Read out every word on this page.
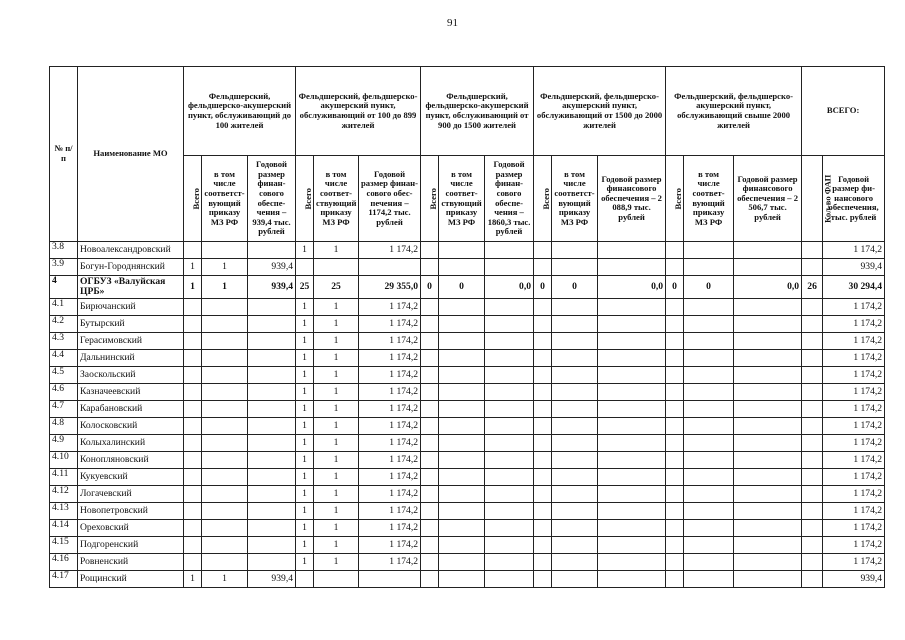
91
№ п/п	Наименование МО	Фельдшерский, фельдшерско-акушерский пункт, обслуживающий до 100 жителей			Фельдшерский, фельдшерско-акушерский пункт, обслуживающий от 100 до 899 жителей			Фельдшерский, фельдшерско-акушерский пункт, обслуживающий от 900 до 1500 жителей			Фельдшерский, фельдшерско-акушерский пункт, обслуживающий от 1500 до 2000 жителей			Фельдшерский, фельдшерско-акушерский пункт, обслуживающий свыше 2000 жителей			ВСЕГО:	
		Всего	в том числе соответст-вующий приказу МЗ РФ	Годовой размер финан-сового обеспе-чения – 939,4 тыс. рублей	Всего	в том числе соответ-ствующий приказу МЗ РФ	Годовой размер финан-сового обес-печения – 1174,2 тыс. рублей	Всего	в том числе соответ-ствующий приказу МЗ РФ	Годовой размер финан-сового обеспе-чения – 1860,3 тыс. рублей	Всего	в том числе соответст-вующий приказу МЗ РФ	Годовой размер финансового обеспечения – 2 088,9 тыс. рублей	Всего	в том числе соответ-вующий приказу МЗ РФ	Годовой размер финансового обеспечения – 2 506,7 тыс. рублей	Кол-во ФАП	Годовой размер фи-нансового обеспечения, тыс. рублей
3.8	Новоалександровский				1	1	1 174,2											1 174,2
3.9	Богун-Городнянский	1	1	939,4														939,4
4	ОГБУЗ «Валуйская ЦРБ»	1	1	939,4	25	25	29 355,0	0	0	0,0	0	0	0,0	0	0	0,0	26	30 294,4
4.1	Бирючанский				1	1	1 174,2											1 174,2
4.2	Бутырский				1	1	1 174,2											1 174,2
4.3	Герасимовский				1	1	1 174,2											1 174,2
4.4	Дальнинский				1	1	1 174,2											1 174,2
4.5	Заоскольский				1	1	1 174,2											1 174,2
4.6	Казначеевский				1	1	1 174,2											1 174,2
4.7	Карабановский				1	1	1 174,2											1 174,2
4.8	Колосковский				1	1	1 174,2											1 174,2
4.9	Колыхалинский				1	1	1 174,2											1 174,2
4.10	Конопляновский				1	1	1 174,2											1 174,2
4.11	Кукуевский				1	1	1 174,2											1 174,2
4.12	Логачевский				1	1	1 174,2											1 174,2
4.13	Новопетровский				1	1	1 174,2											1 174,2
4.14	Ореховский				1	1	1 174,2											1 174,2
4.15	Подгоренский				1	1	1 174,2											1 174,2
4.16	Ровненский				1	1	1 174,2											1 174,2
4.17	Рощинский	1	1	939,4														939,4
